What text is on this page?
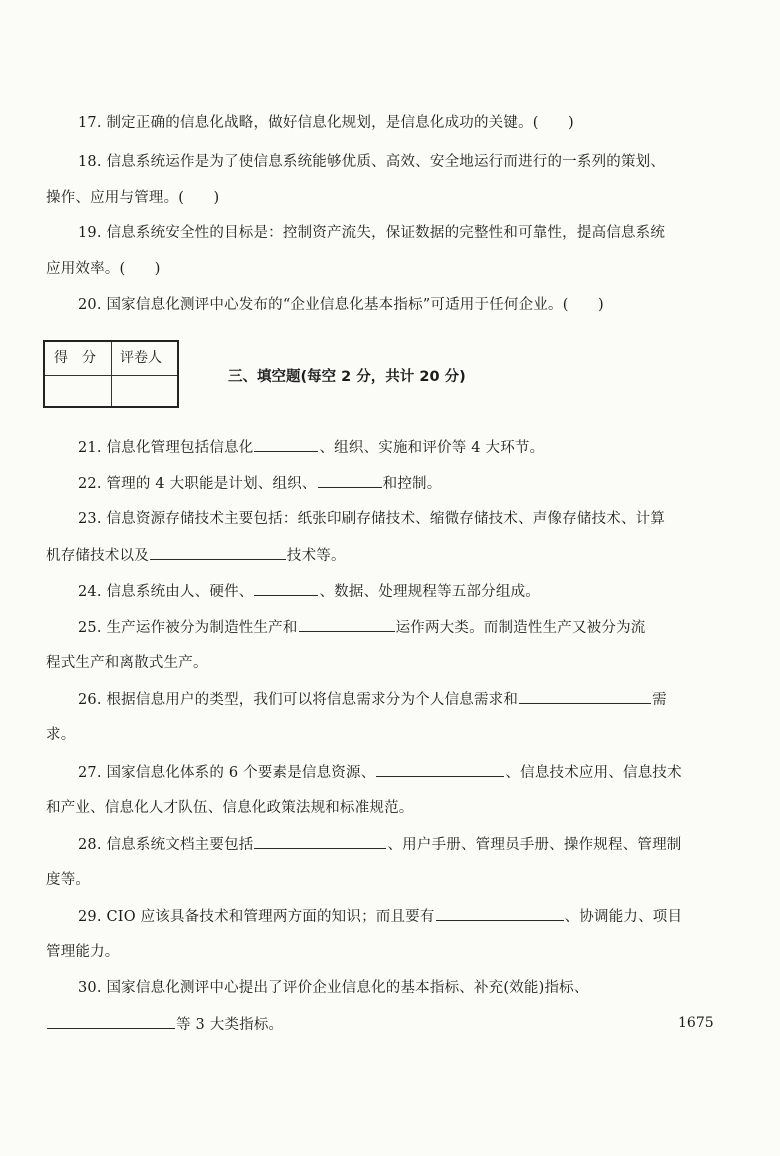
17. 制定正确的信息化战略，做好信息化规划，是信息化成功的关键。(　　)
18. 信息系统运作是为了使信息系统能够优质、高效、安全地运行而进行的一系列的策划、
操作、应用与管理。(　　)
19. 信息系统安全性的目标是：控制资产流失，保证数据的完整性和可靠性，提高信息系统
应用效率。(　　)
20. 国家信息化测评中心发布的“企业信息化基本指标”可适用于任何企业。(　　)
得　分 评卷人
三、填空题(每空 2 分，共计 20 分)
21. 信息化管理包括信息化	、组织、实施和评价等 4 大环节。
22. 管理的 4 大职能是计划、组织、	和控制。
23. 信息资源存储技术主要包括：纸张印刷存储技术、缩微存储技术、声像存储技术、计算
机存储技术以及	技术等。
24. 信息系统由人、硬件、	、数据、处理规程等五部分组成。
25. 生产运作被分为制造性生产和	运作两大类。而制造性生产又被分为流
程式生产和离散式生产。
26. 根据信息用户的类型，我们可以将信息需求分为个人信息需求和	需
求。
27. 国家信息化体系的 6 个要素是信息资源、	、信息技术应用、信息技术
和产业、信息化人才队伍、信息化政策法规和标准规范。
28. 信息系统文档主要包括	、用户手册、管理员手册、操作规程、管理制
度等。
29. CIO 应该具备技术和管理两方面的知识；而且要有	、协调能力、项目
管理能力。
30. 国家信息化测评中心提出了评价企业信息化的基本指标、补充(效能)指标、
等 3 大类指标。	1675
